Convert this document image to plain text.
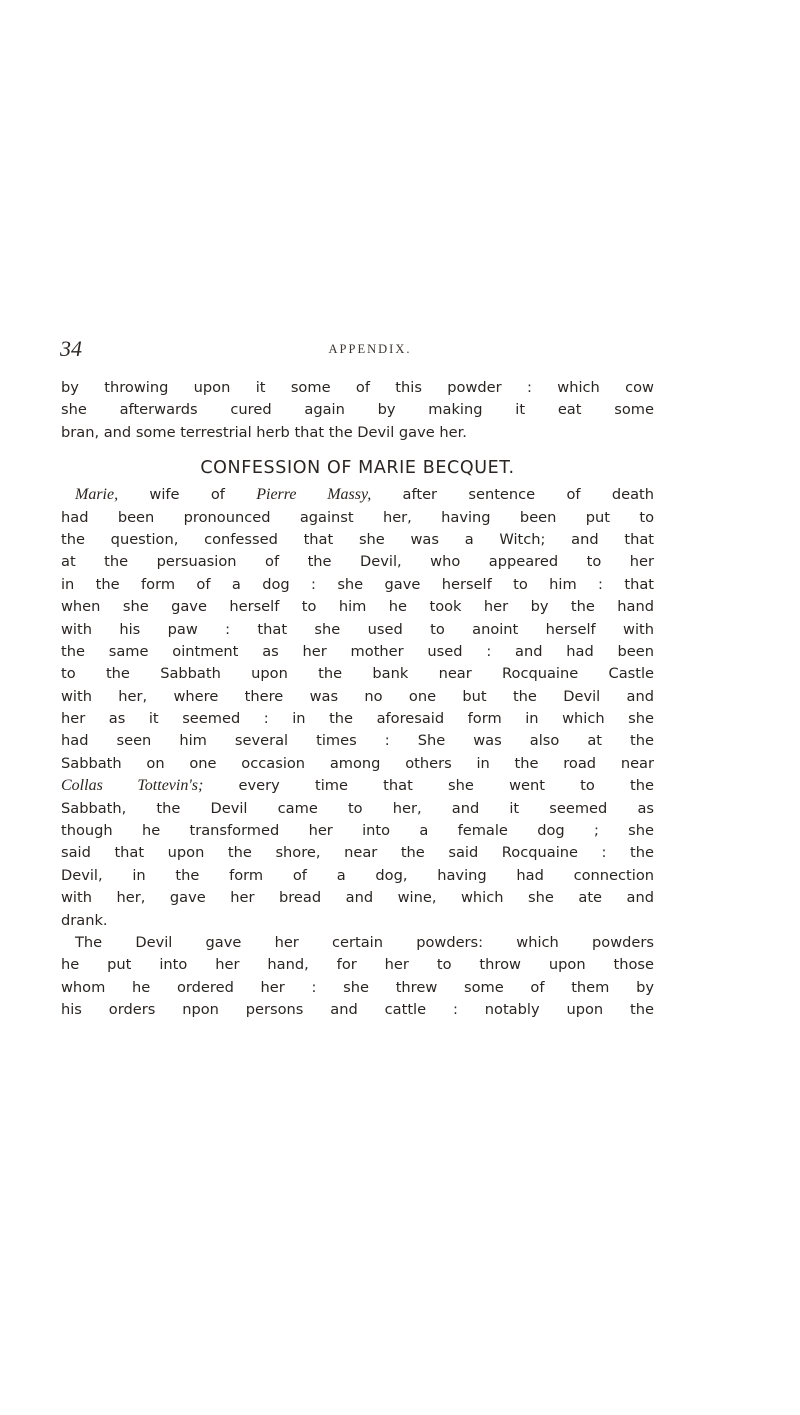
34	APPENDIX.
by throwing upon it some of this powder : which cow
she afterwards cured again by making it eat some
bran, and some terrestrial herb that the Devil gave her.
CONFESSION OF MARIE BECQUET.
Marie, wife of Pierre Massy, after sentence of death
had been pronounced against her, having been put to
the question, confessed that she was a Witch; and that
at the persuasion of the Devil, who appeared to her
in the form of a dog : she gave herself to him : that
when she gave herself to him he took her by the hand
with his paw : that she used to anoint herself with
the same ointment as her mother used : and had been
to the Sabbath upon the bank near Rocquaine Castle
with her, where there was no one but the Devil and
her as it seemed : in the aforesaid form in which she
had seen him several times : She was also at the
Sabbath on one occasion among others in the road near
Collas Tottevin's; every time that she went to the
Sabbath, the Devil came to her, and it seemed as
though he transformed her into a female dog ; she
said that upon the shore, near the said Rocquaine : the
Devil, in the form of a dog, having had connection
with her, gave her bread and wine, which she ate and
drank.
The Devil gave her certain powders: which powders
he put into her hand, for her to throw upon those
whom he ordered her : she threw some of them by
his orders npon persons and cattle : notably upon the
